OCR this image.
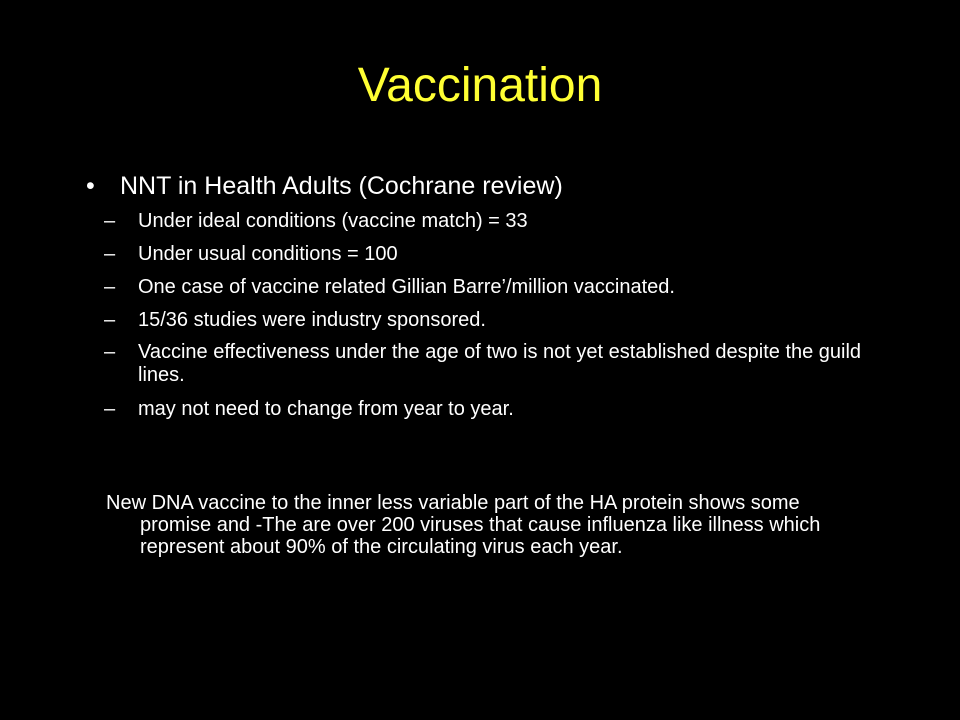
Vaccination
• NNT in Health Adults (Cochrane review)
–	Under ideal conditions (vaccine match) = 33
–	Under usual conditions = 100
–	One case of vaccine related Gillian Barre’/million vaccinated.
–	15/36 studies were industry sponsored.
–	Vaccine effectiveness under the age of two is not yet established despite the guild lines.
–	may not need to change from year to year.
New DNA vaccine to the inner less variable part of the HA protein shows some promise and -The are over 200 viruses that cause influenza like illness which represent about 90% of the circulating virus each year.
